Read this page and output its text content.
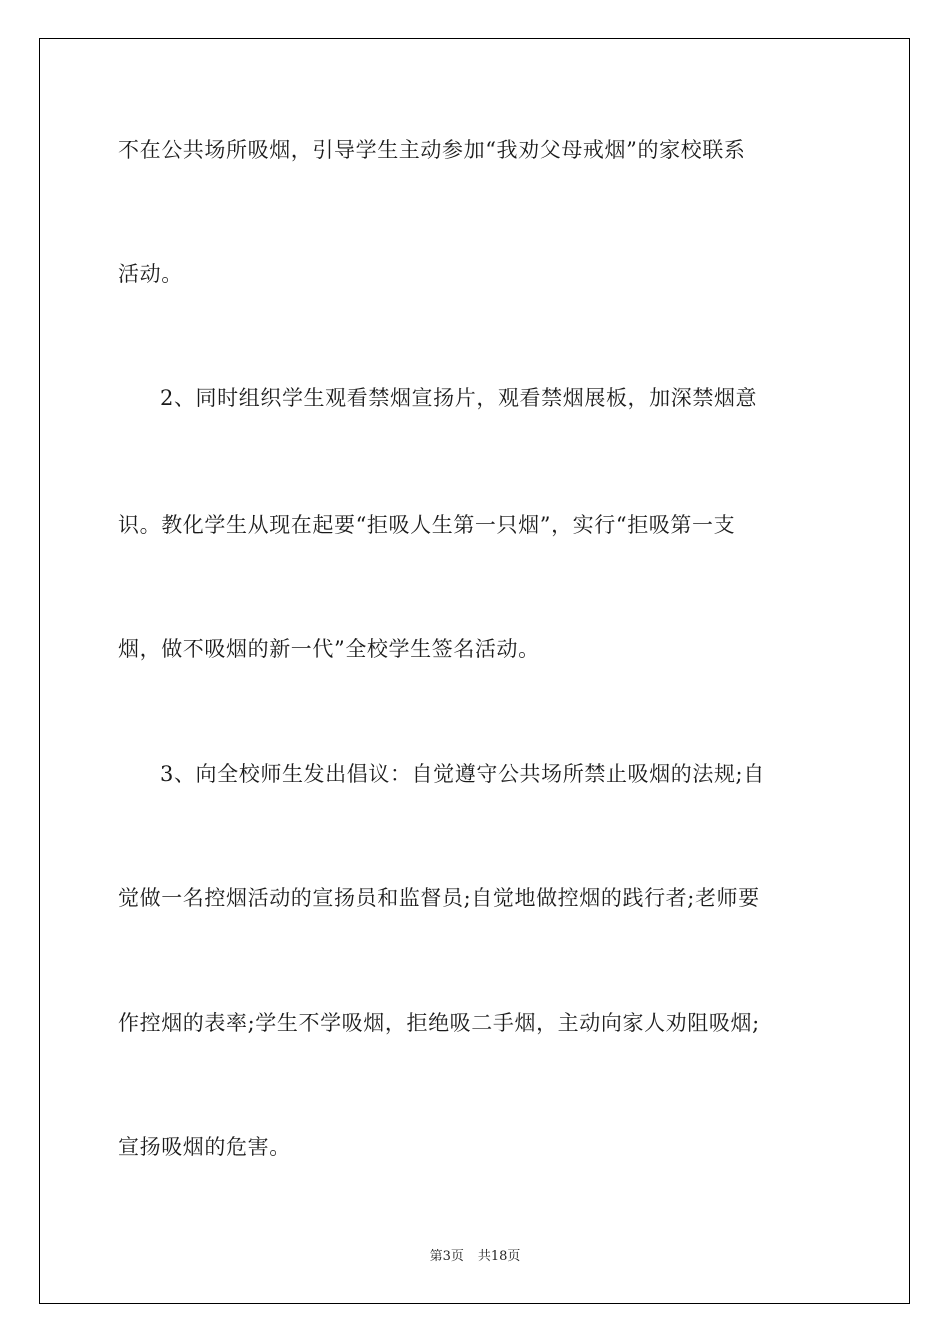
不在公共场所吸烟，引导学生主动参加“我劝父母戒烟”的家校联系
活动。
2、同时组织学生观看禁烟宣扬片，观看禁烟展板，加深禁烟意
识。教化学生从现在起要“拒吸人生第一只烟”，实行“拒吸第一支
烟，做不吸烟的新一代”全校学生签名活动。
3、向全校师生发出倡议：自觉遵守公共场所禁止吸烟的法规;自
觉做一名控烟活动的宣扬员和监督员;自觉地做控烟的践行者;老师要
作控烟的表率;学生不学吸烟，拒绝吸二手烟，主动向家人劝阻吸烟;
宣扬吸烟的危害。
第3页 共18页
